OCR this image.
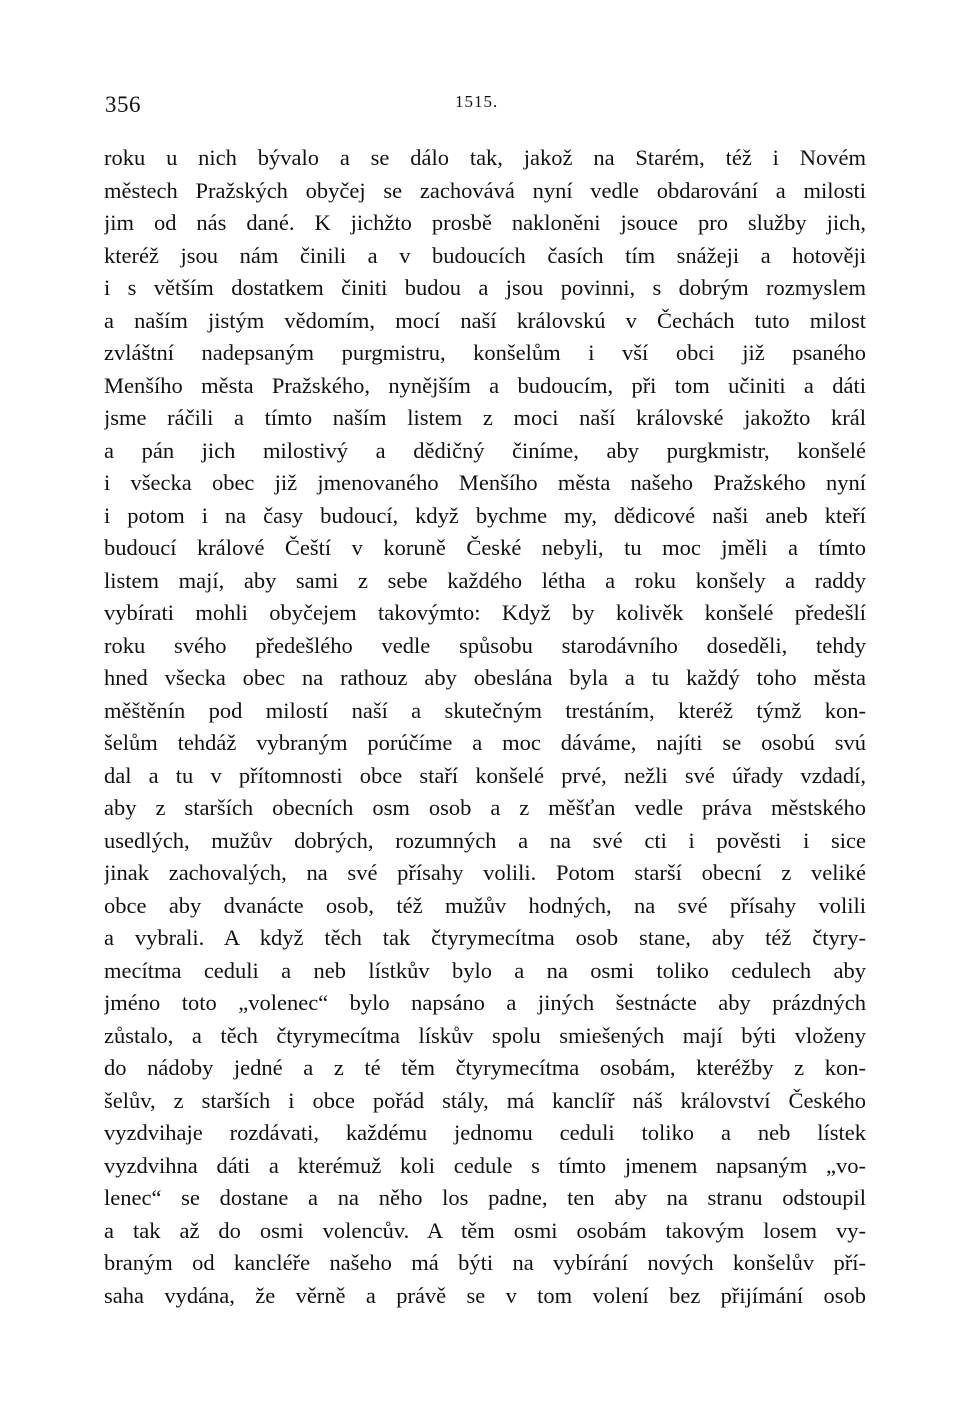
356	1515.
roku u nich bývalo a se dálo tak, jakož na Starém, též i Novém
městech Pražských obyčej se zachovává nyní vedle obdarování a milosti
jim od nás dané. K jichžto prosbě nakloněni jsouce pro služby jich,
kteréž jsou nám činili a v budoucích časích tím snážeji a hotověji
i s větším dostatkem činiti budou a jsou povinni, s dobrým rozmyslem
a naším jistým vědomím, mocí naší královskú v Čechách tuto milost
zvláštní nadepsaným purgmistru, konšelům i vší obci již psaného
Menšího města Pražského, nynějším a budoucím, při tom učiniti a dáti
jsme ráčili a tímto naším listem z moci naší královské jakožto král
a pán jich milostivý a dědičný činíme, aby purgkmistr, konšelé
i všecka obec již jmenovaného Menšího města našeho Pražského nyní
i potom i na časy budoucí, když bychme my, dědicové naši aneb kteří
budoucí králové Čeští v koruně České nebyli, tu moc jměli a tímto
listem mají, aby sami z sebe každého létha a roku konšely a raddy
vybírati mohli obyčejem takovýmto: Když by kolivěk konšelé předešlí
roku svého předešlého vedle spůsobu starodávního doseděli, tehdy
hned všecka obec na rathouz aby obeslána byla a tu každý toho města
měštěnín pod milostí naší a skutečným trestáním, kteréž týmž kon-
šelům tehdáž vybraným porúčíme a moc dáváme, najíti se osobú svú
dal a tu v přítomnosti obce staří konšelé prvé, nežli své úřady vzdadí,
aby z starších obecních osm osob a z měšťan vedle práva městského
usedlých, mužův dobrých, rozumných a na své cti i pověsti i sice
jinak zachovalých, na své přísahy volili. Potom starší obecní z veliké
obce aby dvanácte osob, též mužův hodných, na své přísahy volili
a vybrali. A když těch tak čtyrymecítma osob stane, aby též čtyry-
mecítma ceduli a neb lístkův bylo a na osmi toliko cedulech aby
jméno toto „volenec“ bylo napsáno a jiných šestnácte aby prázdných
zůstalo, a těch čtyrymecítma lískův spolu smiešených mají býti vloženy
do nádoby jedné a z té těm čtyrymecítma osobám, kteréžby z kon-
šelův, z starších i obce pořád stály, má kanclíř náš království Českého
vyzdvihaje rozdávati, každému jednomu ceduli toliko a neb lístek
vyzdvihna dáti a kterémuž koli cedule s tímto jmenem napsaným „vo-
lenec“ se dostane a na něho los padne, ten aby na stranu odstoupil
a tak až do osmi volencův. A těm osmi osobám takovým losem vy-
braným od kancléře našeho má býti na vybírání nových konšelův pří-
saha vydána, že věrně a právě se v tom volení bez přijímání osob
